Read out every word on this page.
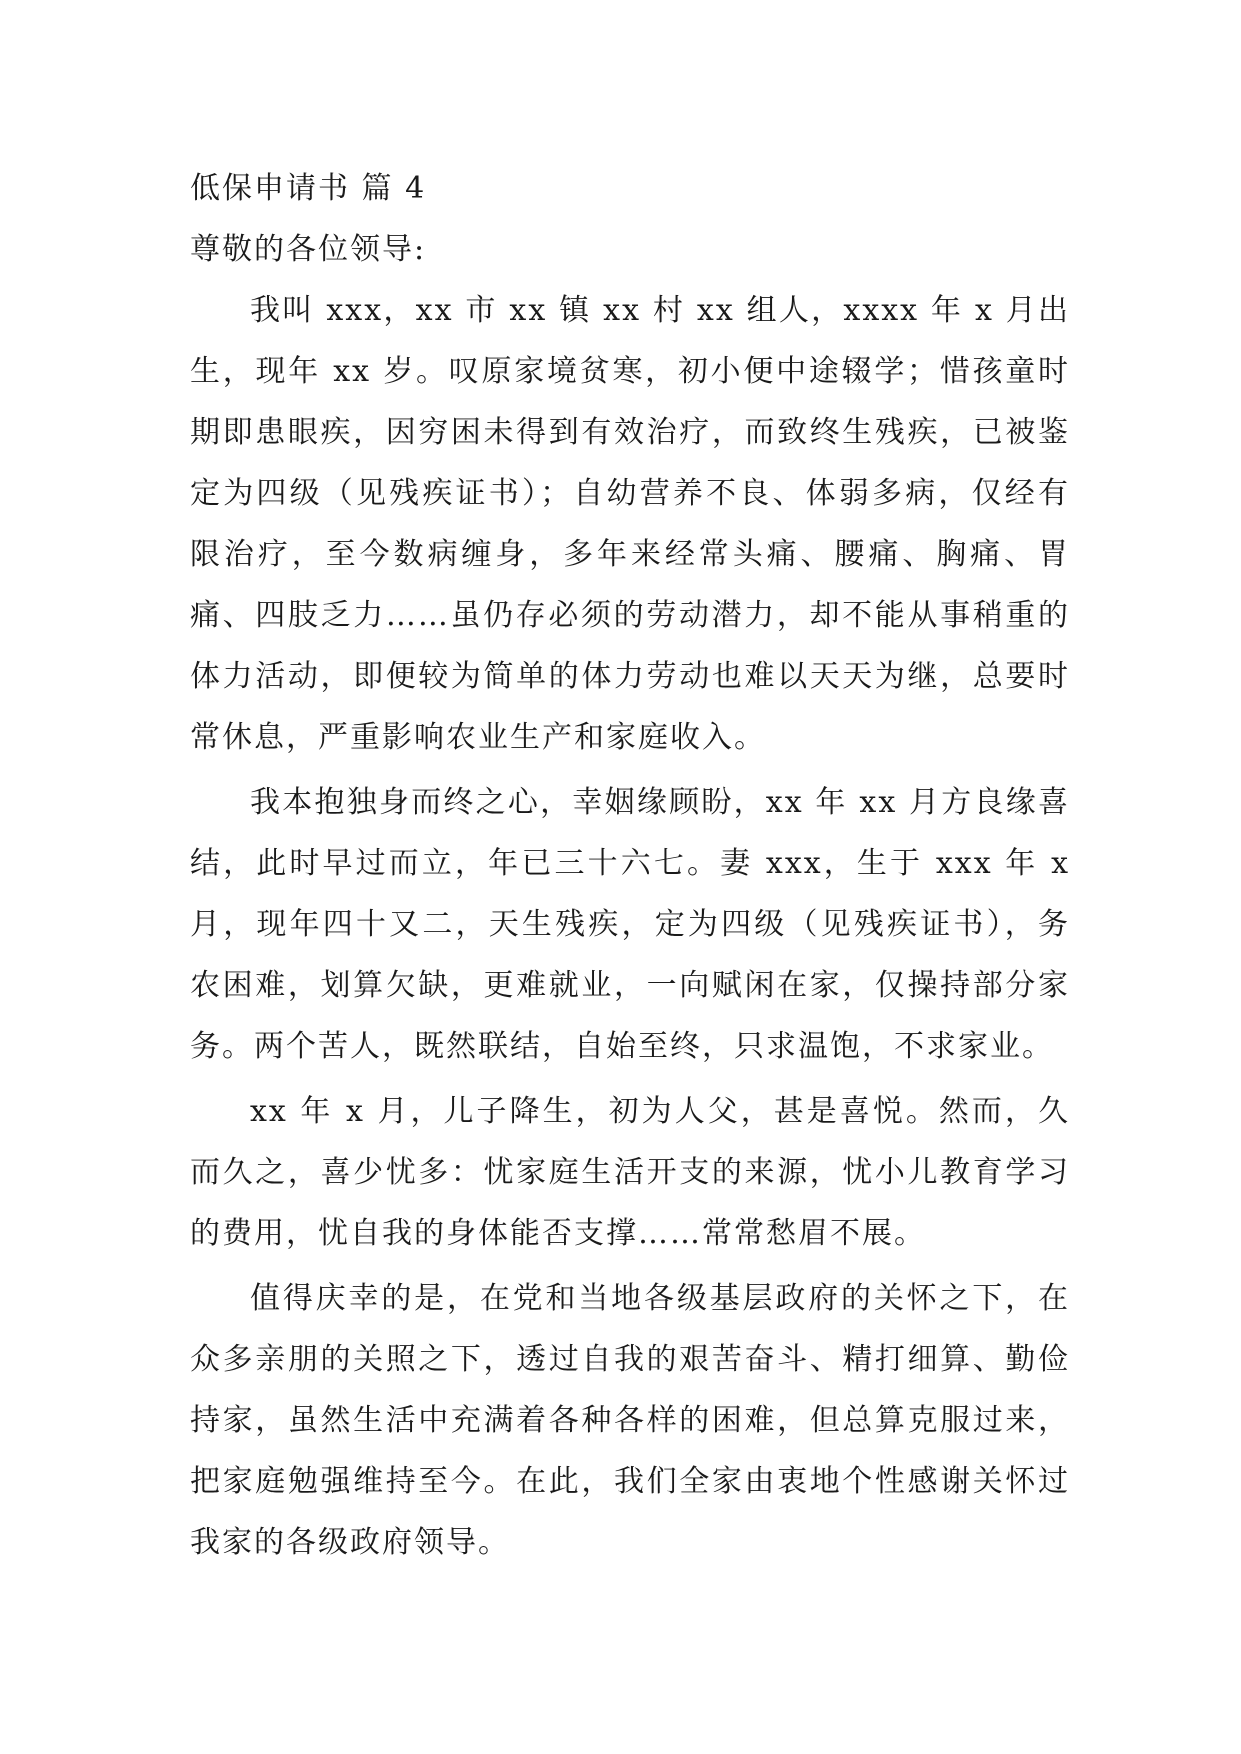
低保申请书 篇 4

尊敬的各位领导:

我叫 xxx，xx 市 xx 镇 xx 村 xx 组人，xxxx 年 x 月出生，现年 xx 岁。叹原家境贫寒，初小便中途辍学；惜孩童时期即患眼疾，因穷困未得到有效治疗，而致终生残疾，已被鉴定为四级（见残疾证书）；自幼营养不良、体弱多病，仅经有限治疗，至今数病缠身，多年来经常头痛、腰痛、胸痛、胃痛、四肢乏力……虽仍存必须的劳动潜力，却不能从事稍重的体力活动，即便较为简单的体力劳动也难以天天为继，总要时常休息，严重影响农业生产和家庭收入。

我本抱独身而终之心，幸姻缘顾盼，xx 年 xx 月方良缘喜结，此时早过而立，年已三十六七。妻 xxx，生于 xxx 年 x 月，现年四十又二，天生残疾，定为四级（见残疾证书），务农困难，划算欠缺，更难就业，一向赋闲在家，仅操持部分家务。两个苦人，既然联结，自始至终，只求温饱，不求家业。

xx 年 x 月，儿子降生，初为人父，甚是喜悦。然而，久而久之，喜少忧多：忧家庭生活开支的来源，忧小儿教育学习的费用，忧自我的身体能否支撑……常常愁眉不展。

值得庆幸的是，在党和当地各级基层政府的关怀之下，在众多亲朋的关照之下，透过自我的艰苦奋斗、精打细算、勤俭持家，虽然生活中充满着各种各样的困难，但总算克服过来，把家庭勉强维持至今。在此，我们全家由衷地个性感谢关怀过我家的各级政府领导。
